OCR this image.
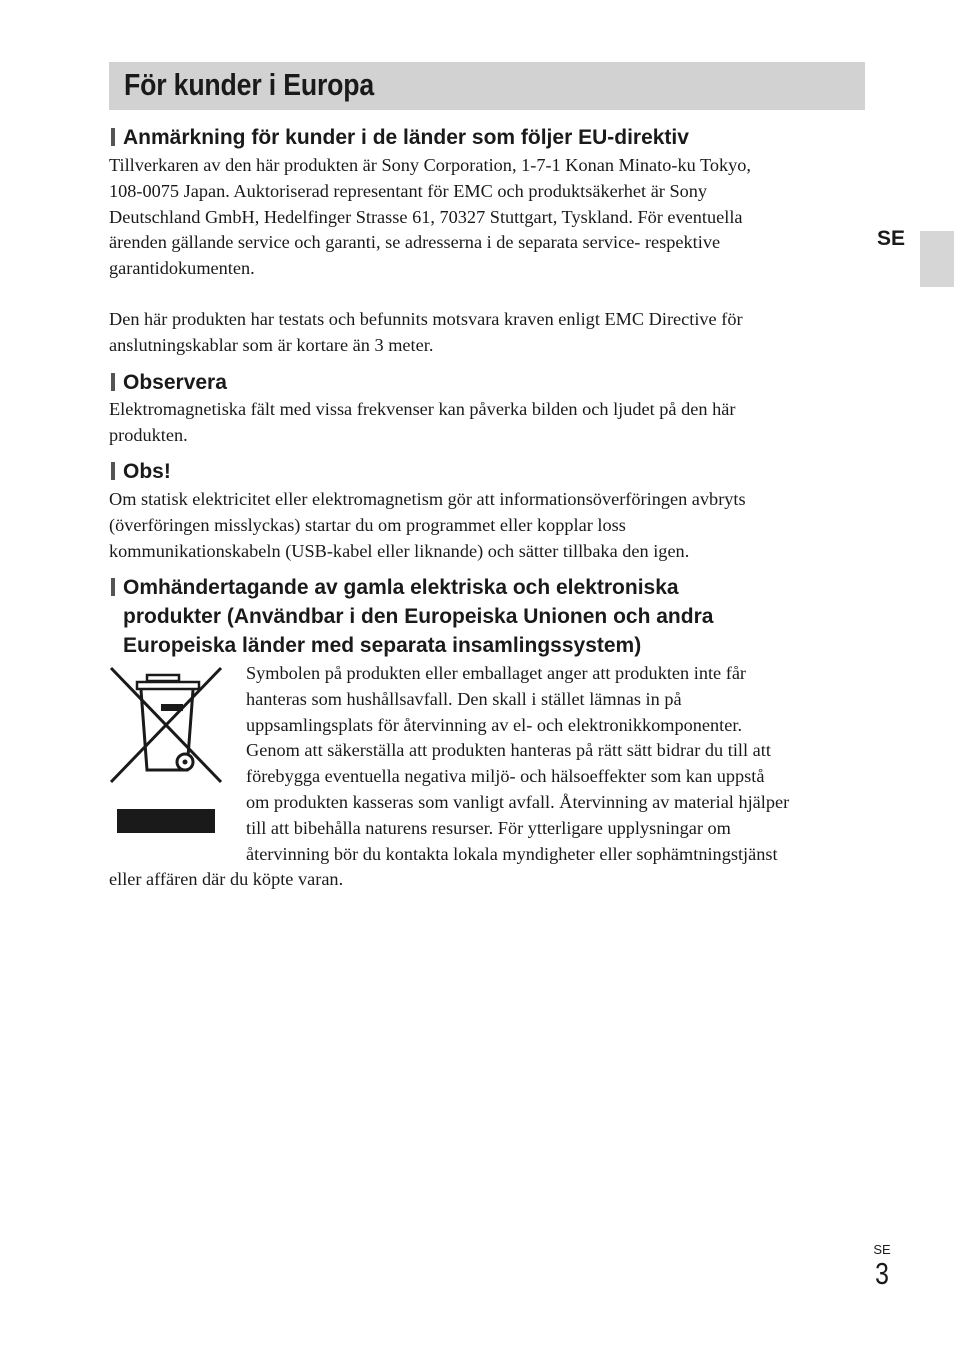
För kunder i Europa
SE
Anmärkning för kunder i de länder som följer EU-direktiv
Tillverkaren av den här produkten är Sony Corporation, 1-7-1 Konan Minato-ku Tokyo,
108-0075 Japan. Auktoriserad representant för EMC och produktsäkerhet är Sony
Deutschland GmbH, Hedelfinger Strasse 61, 70327 Stuttgart, Tyskland. För eventuella
ärenden gällande service och garanti, se adresserna i de separata service- respektive
garantidokumenten.
Den här produkten har testats och befunnits motsvara kraven enligt EMC Directive för
anslutningskablar som är kortare än 3 meter.
Observera
Elektromagnetiska fält med vissa frekvenser kan påverka bilden och ljudet på den här
produkten.
Obs!
Om statisk elektricitet eller elektromagnetism gör att informationsöverföringen avbryts
(överföringen misslyckas) startar du om programmet eller kopplar loss
kommunikationskabeln (USB-kabel eller liknande) och sätter tillbaka den igen.
Omhändertagande av gamla elektriska och elektroniska
produkter (Användbar i den Europeiska Unionen och andra
Europeiska länder med separata insamlingssystem)
Symbolen på produkten eller emballaget anger att produkten inte får
hanteras som hushållsavfall. Den skall i stället lämnas in på
uppsamlingsplats för återvinning av el- och elektronikkomponenter.
Genom att säkerställa att produkten hanteras på rätt sätt bidrar du till att
förebygga eventuella negativa miljö- och hälsoeffekter som kan uppstå
om produkten kasseras som vanligt avfall. Återvinning av material hjälper
till att bibehålla naturens resurser. För ytterligare upplysningar om
återvinning bör du kontakta lokala myndigheter eller sophämtningstjänst
eller affären där du köpte varan.
SE
3
